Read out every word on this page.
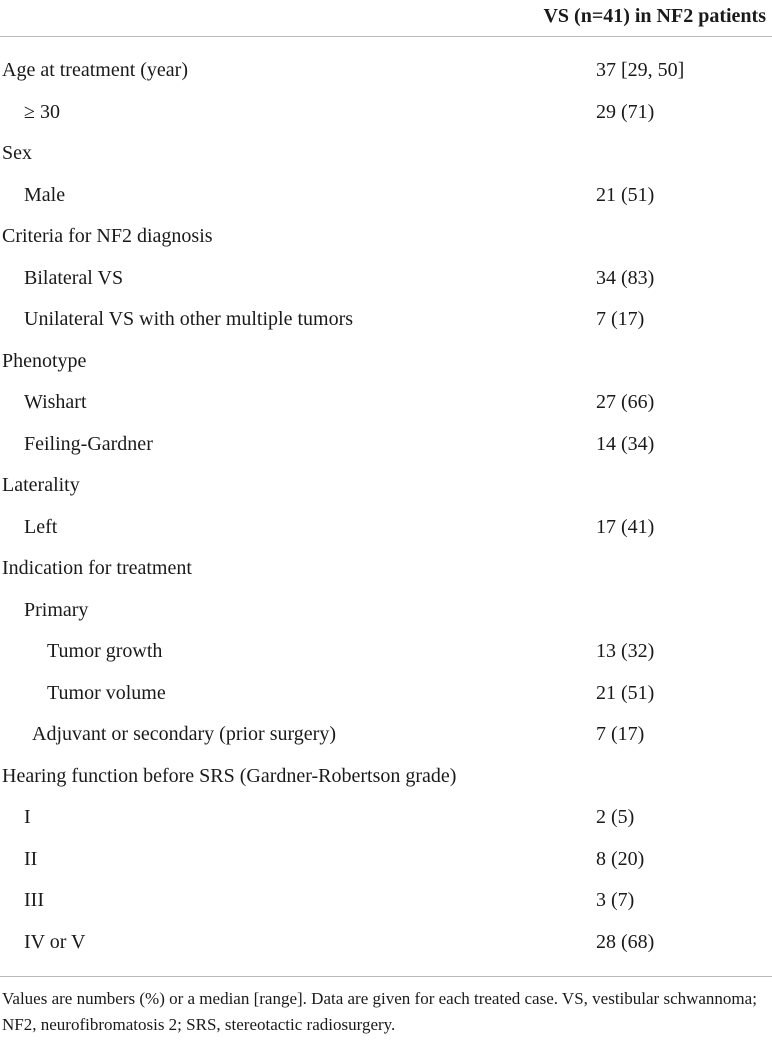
VS (n=41) in NF2 patients
Age at treatment (year)	37 [29, 50]
≥ 30	29 (71)
Sex
Male	21 (51)
Criteria for NF2 diagnosis
Bilateral VS	34 (83)
Unilateral VS with other multiple tumors	7 (17)
Phenotype
Wishart	27 (66)
Feiling-Gardner	14 (34)
Laterality
Left	17 (41)
Indication for treatment
Primary
Tumor growth	13 (32)
Tumor volume	21 (51)
Adjuvant or secondary (prior surgery)	7 (17)
Hearing function before SRS (Gardner-Robertson grade)
I	2 (5)
II	8 (20)
III	3 (7)
IV or V	28 (68)
Values are numbers (%) or a median [range]. Data are given for each treated case. VS, vestibular schwannoma; NF2, neurofibromatosis 2; SRS, stereotactic radiosurgery.
